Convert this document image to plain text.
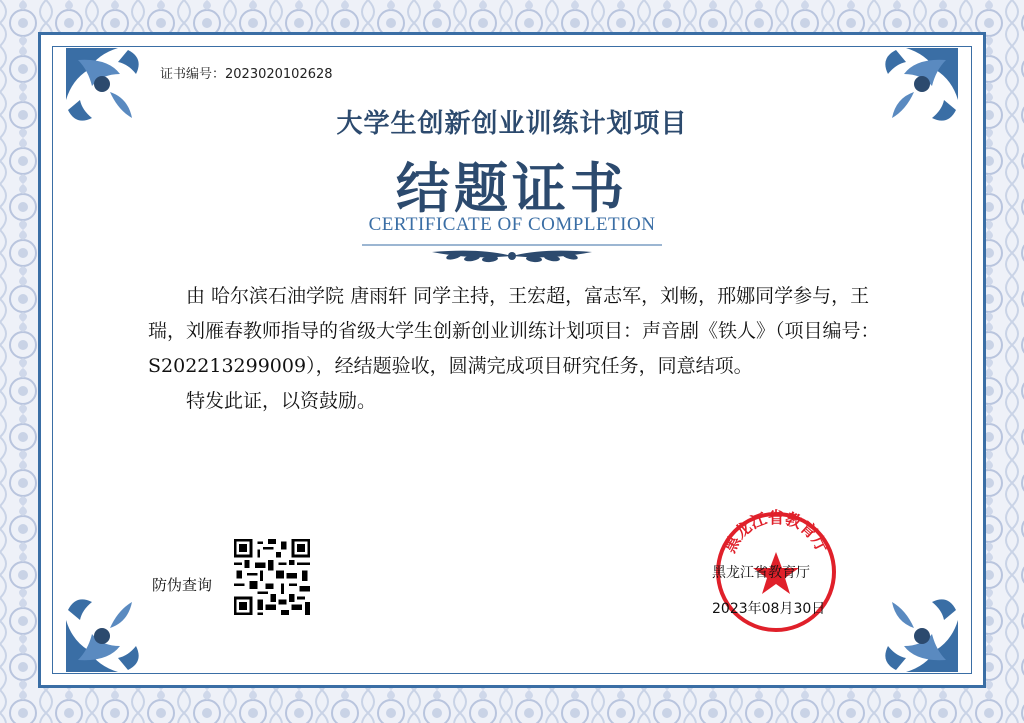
证书编号：2023020102628
大学生创新创业训练计划项目
结题证书
CERTIFICATE OF COMPLETION

由 哈尔滨石油学院 唐雨轩 同学主持，王宏超，富志军，刘畅，邢娜同学参与，王瑞，刘雁春教师指导的省级大学生创新创业训练计划项目：声音剧《铁人》（项目编号：S202213299009），经结题验收，圆满完成项目研究任务，同意结项。

特发此证，以资鼓励。

防伪查询
黑龙江省教育厅
黑龙江省教育厅
2023年08月30日
